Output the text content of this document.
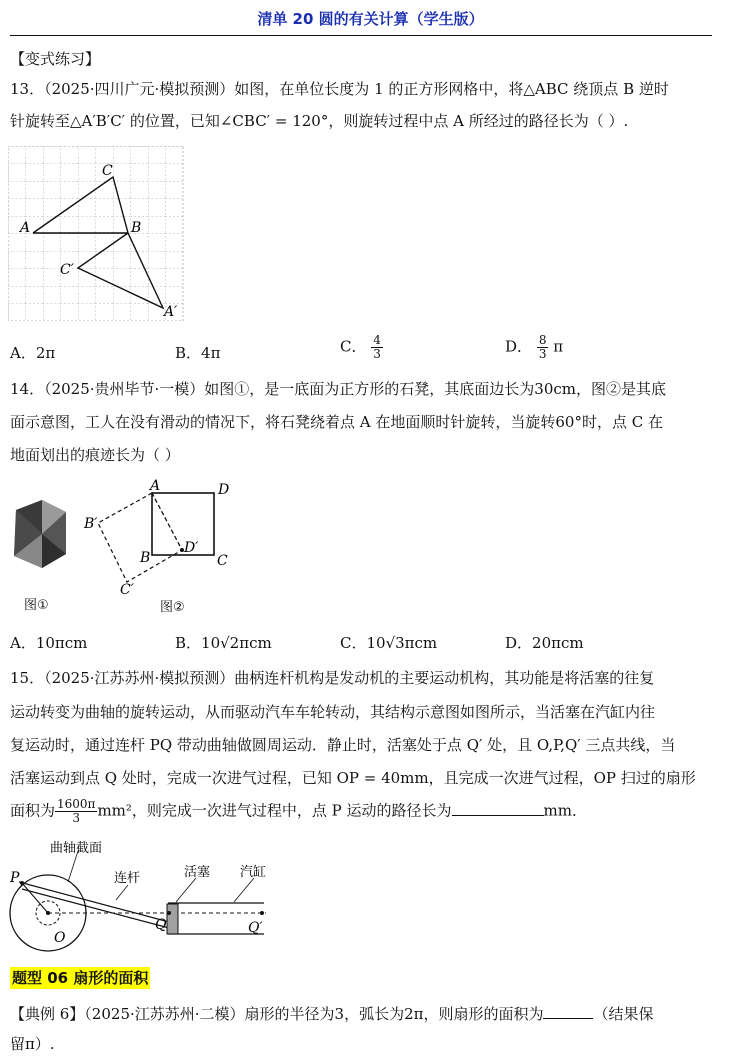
清单 20 圆的有关计算（学生版）
【变式练习】
13．（2025·四川广元·模拟预测）如图，在单位长度为 1 的正方形网格中，将△ABC 绕顶点 B 逆时
针旋转至△A′B′C′ 的位置，已知∠CBC′ = 120°，则旋转过程中点 A 所经过的路径长为（ ）.
A	B
C
C′
A′
A．2π	B．4π	C． $\frac{4}{3}$	D． $\frac{8}{3}$ π
14．（2025·贵州毕节·一模）如图①，是一底面为正方形的石凳，其底面边长为30cm，图②是其底
面示意图，工人在没有滑动的情况下，将石凳绕着点 A 在地面顺时针旋转，当旋转60°时，点 C 在
地面划出的痕迹长为（ ）
图①
A	D
B	C
B′
C′
D′
图②
A．10πcm	B．10√2πcm	C．10√3πcm	D．20πcm
15．（2025·江苏苏州·模拟预测）曲柄连杆机构是发动机的主要运动机构，其功能是将活塞的往复
运动转变为曲轴的旋转运动，从而驱动汽车车轮转动，其结构示意图如图所示，当活塞在汽缸内往
复运动时，通过连杆 PQ 带动曲轴做圆周运动．静止时，活塞处于点 Q′ 处，且 O,P,Q′ 三点共线，当
活塞运动到点 Q 处时，完成一次进气过程，已知 OP = 40mm，且完成一次进气过程，OP 扫过的扇形
面积为 $\frac{1600\pi}{3} mm^2$，则完成一次进气过程中，点 P 运动的路径长为	mm．
曲轴截面
连杆	活塞 汽缸
P
O
Q	Q′
题型 06 扇形的面积
【典例 6】（2025·江苏苏州·二模）扇形的半径为3，弧长为2π，则扇形的面积为	（结果保
留π）.
